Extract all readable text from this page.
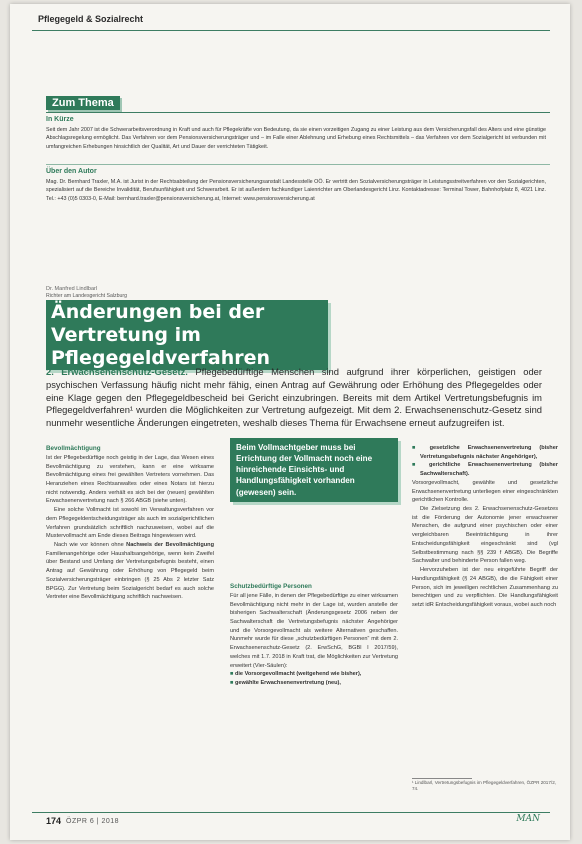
Pflegegeld & Sozialrecht
Zum Thema
In Kürze
Seit dem Jahr 2007 ist die Schwerarbeitsverordnung in Kraft und auch für Pflegekräfte von Bedeutung, da sie einen vorzeitigen Zugang zu einer Leistung aus dem Versicherungsfall des Alters und eine günstige Abschlagsregelung ermöglicht. Das Verfahren vor dem Pensionsversicherungsträger und – im Falle einer Ablehnung und Erhebung eines Rechtsmittels – das Verfahren vor dem Sozialgericht ist verbunden mit umfangreichen Erhebungen hinsichtlich der Qualität, Art und Dauer der verrichteten Tätigkeit.
Über den Autor
Mag. Dr. Bernhard Traxler, M.A. ist Jurist in der Rechtsabteilung der Pensionsversicherungsanstalt Landesstelle OÖ. Er vertritt den Sozialversicherungsträger in Leistungsstreitverfahren vor den Sozialgerichten, spezialisiert auf die Bereiche Invalidität, Berufsunfähigkeit und Schwerarbeit. Er ist außerdem fachkundiger Laienrichter am Oberlandesgericht Linz. Kontaktadresse: Terminal Tower, Bahnhofplatz 8, 4021 Linz. Tel.: +43 (0)5 0303-0, E-Mail: bernhard.traxler@pensionsversicherung.at, Internet: www.pensionsversicherung.at
Dr. Manfred Lindlbarl
Richter am Landesgericht Salzburg
Änderungen bei der Vertretung im Pflegegeldverfahren
2. Erwachsenenschutz-Gesetz. Pflegebedürftige Menschen sind aufgrund ihrer körperlichen, geistigen oder psychischen Verfassung häufig nicht mehr fähig, einen Antrag auf Gewährung oder Erhöhung des Pflegegeldes oder eine Klage gegen den Pflegegeldbescheid bei Gericht einzubringen. Bereits mit dem Artikel Vertretungsbefugnis im Pflegegeldverfahren¹ wurden die Möglichkeiten zur Vertretung aufgezeigt. Mit dem 2. Erwachsenenschutz-Gesetz sind nunmehr wesentliche Änderungen eingetreten, weshalb dieses Thema für Erwachsene erneut aufzugreifen ist.
Bevollmächtigung

Ist der Pflegebedürftige noch geistig in der Lage, das Wesen eines Bevollmächtigung zu verstehen, kann er eine wirksame Bevollmächtigung eines frei gewählten Vertreters vornehmen. Das Heranziehen eines Rechtsanwaltes oder eines Notars ist hierzu nicht notwendig. Anders verhält es sich bei der (neuen) gewählten Erwachsenenvertretung nach § 266 ABGB (siehe unten).

Eine solche Vollmacht ist sowohl im Verwaltungsverfahren vor dem Pflegegeldentscheidungsträger als auch im sozialgerichtlichen Verfahren grundsätzlich schriftlich nachzuweisen, wobei auf die Mustervollmacht am Ende dieses Beitrags hingewiesen wird.

Nach wie vor können ohne Nachweis der Bevollmächtigung Familienangehörige oder Haushaltsangehörige, wenn kein Zweifel über Bestand und Umfang der Vertretungsbefugnis besteht, einen Antrag auf Gewährung oder Erhöhung von Pflegegeld beim Sozialversicherungsträger einbringen (§ 25 Abs 2 letzter Satz BPGG). Zur Vertretung beim Sozialgericht bedarf es auch solche Vertreter eine Bevollmächtigung schriftlich nachweisen.

Beim Vollmachtgeber muss bei Errichtung der Vollmacht noch eine hinreichende Einsichts- und Handlungsfähigkeit vorhanden (gewesen) sein.
Schutzbedürftige Personen

Für all jene Fälle, in denen der Pflegebedürftige zu einer wirksamen Bevollmächtigung nicht mehr in der Lage ist, wurden anstelle der bisherigen Sachwalterschaft (Änderungsgesetz 2006 neben der Sachwalterschaft die Vertretungsbefugnis nächster Angehöriger und die Vorsorgevollmacht als weitere Alternativen geschaffen. Nunmehr wurde für diese „schutzbedürftigen Personen“ mit dem 2. Erwachsenenschutz-Gesetz (2. ErwSchG, BGBl I 2017/59), welches mit 1.7. 2018 in Kraft trat, die Möglichkeiten zur Vertretung erweitert (Vier-Säulen):

■ die Vorsorgevollmacht (weitgehend wie bisher),
■ gewählte Erwachsenenvertretung (neu),
■ gesetzliche Erwachsenenvertretung (bisher Vertretungsbefugnis nächster Angehöriger),
■ gerichtliche Erwachsenenvertretung (bisher Sachwalterschaft).

Vorsorgevollmacht, gewählte und gesetzliche Erwachsenenvertretung unterliegen einer eingeschränkten gerichtlichen Kontrolle.

Die Zielsetzung des 2. Erwachsenenschutz-Gesetzes ist die Förderung der Autonomie jener erwachsener Menschen, die aufgrund einer psychischen oder einer vergleichbaren Beeinträchtigung in ihrer Entscheidungsfähigkeit eingeschränkt sind (vgl Selbstbestimmung nach §§ 239 f ABGB). Die Begriffe Sachwalter und behinderte Person fallen weg.

Hervorzuheben ist der neu eingeführte Begriff der Handlungsfähigkeit (§ 24 ABGB), die die Fähigkeit einer Person, sich im jeweiligen rechtlichen Zusammenhang zu berechtigen und zu verpflichten. Die Handlungsfähigkeit setzt idR Entscheidungsfähigkeit voraus, wobei auch noch

¹ Lindlbarl, Vertretungsbefugnis im Pflegegeldverfahren, ÖZPR 2017/2, 74.
174 ÖZPR 6 | 2018	MAN
